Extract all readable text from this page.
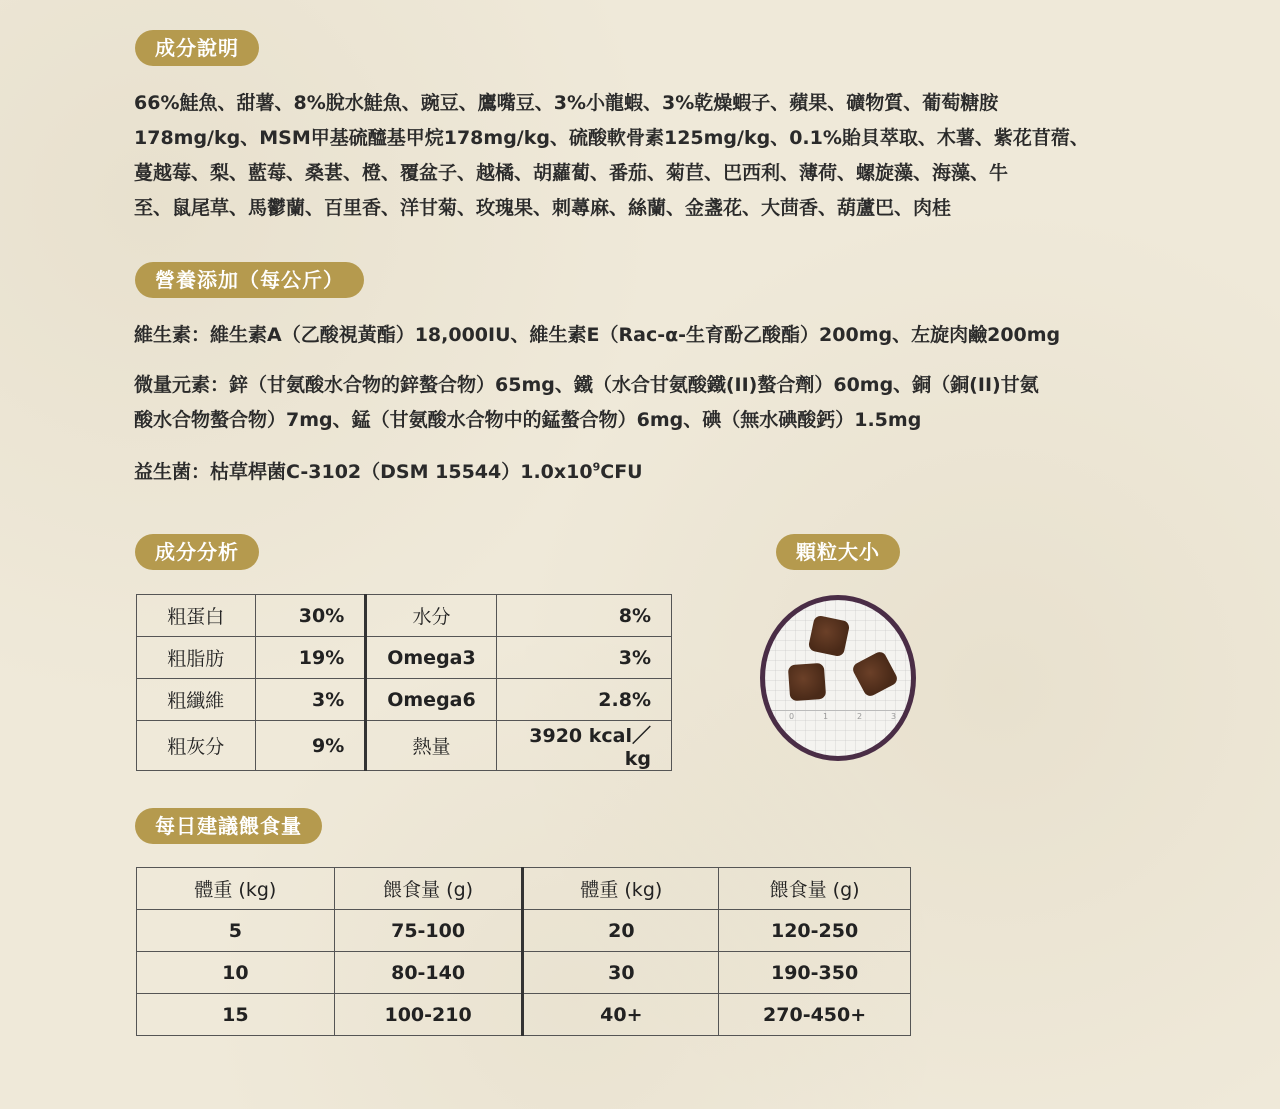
成分說明
66%鮭魚、甜薯、8%脫水鮭魚、豌豆、鷹嘴豆、3%小龍蝦、3%乾燥蝦子、蘋果、礦物質、葡萄糖胺
178mg/kg、MSM甲基硫醯基甲烷178mg/kg、硫酸軟骨素125mg/kg、0.1%貽貝萃取、木薯、紫花苜蓿、
蔓越莓、梨、藍莓、桑葚、橙、覆盆子、越橘、胡蘿蔔、番茄、菊苣、巴西利、薄荷、螺旋藻、海藻、牛
至、鼠尾草、馬鬱蘭、百里香、洋甘菊、玫瑰果、刺蕁麻、絲蘭、金盞花、大茴香、葫蘆巴、肉桂
營養添加（每公斤）
維生素：維生素A（乙酸視黃酯）18,000IU、維生素E（Rac-α-生育酚乙酸酯）200mg、左旋肉鹼200mg
微量元素：鋅（甘氨酸水合物的鋅螯合物）65mg、鐵（水合甘氨酸鐵(II)螯合劑）60mg、銅（銅(II)甘氨
酸水合物螯合物）7mg、錳（甘氨酸水合物中的錳螯合物）6mg、碘（無水碘酸鈣）1.5mg
益生菌：枯草桿菌C-3102（DSM $15544)1.0x10^9CFU$
成分分析
粗蛋白	30%	水分	8%
粗脂肪	19%	Omega3	3%
粗纖維	3%	Omega6	2.8%
粗灰分	9%	熱量	3920 kcal／kg
顆粒大小
0	1	2	3
每日建議餵食量
體重 (kg)	餵食量 (g)	體重 (kg)	餵食量 (g)
5	75-100	20	120-250
10	80-140	30	190-350
15	100-210	40+	270-450+
